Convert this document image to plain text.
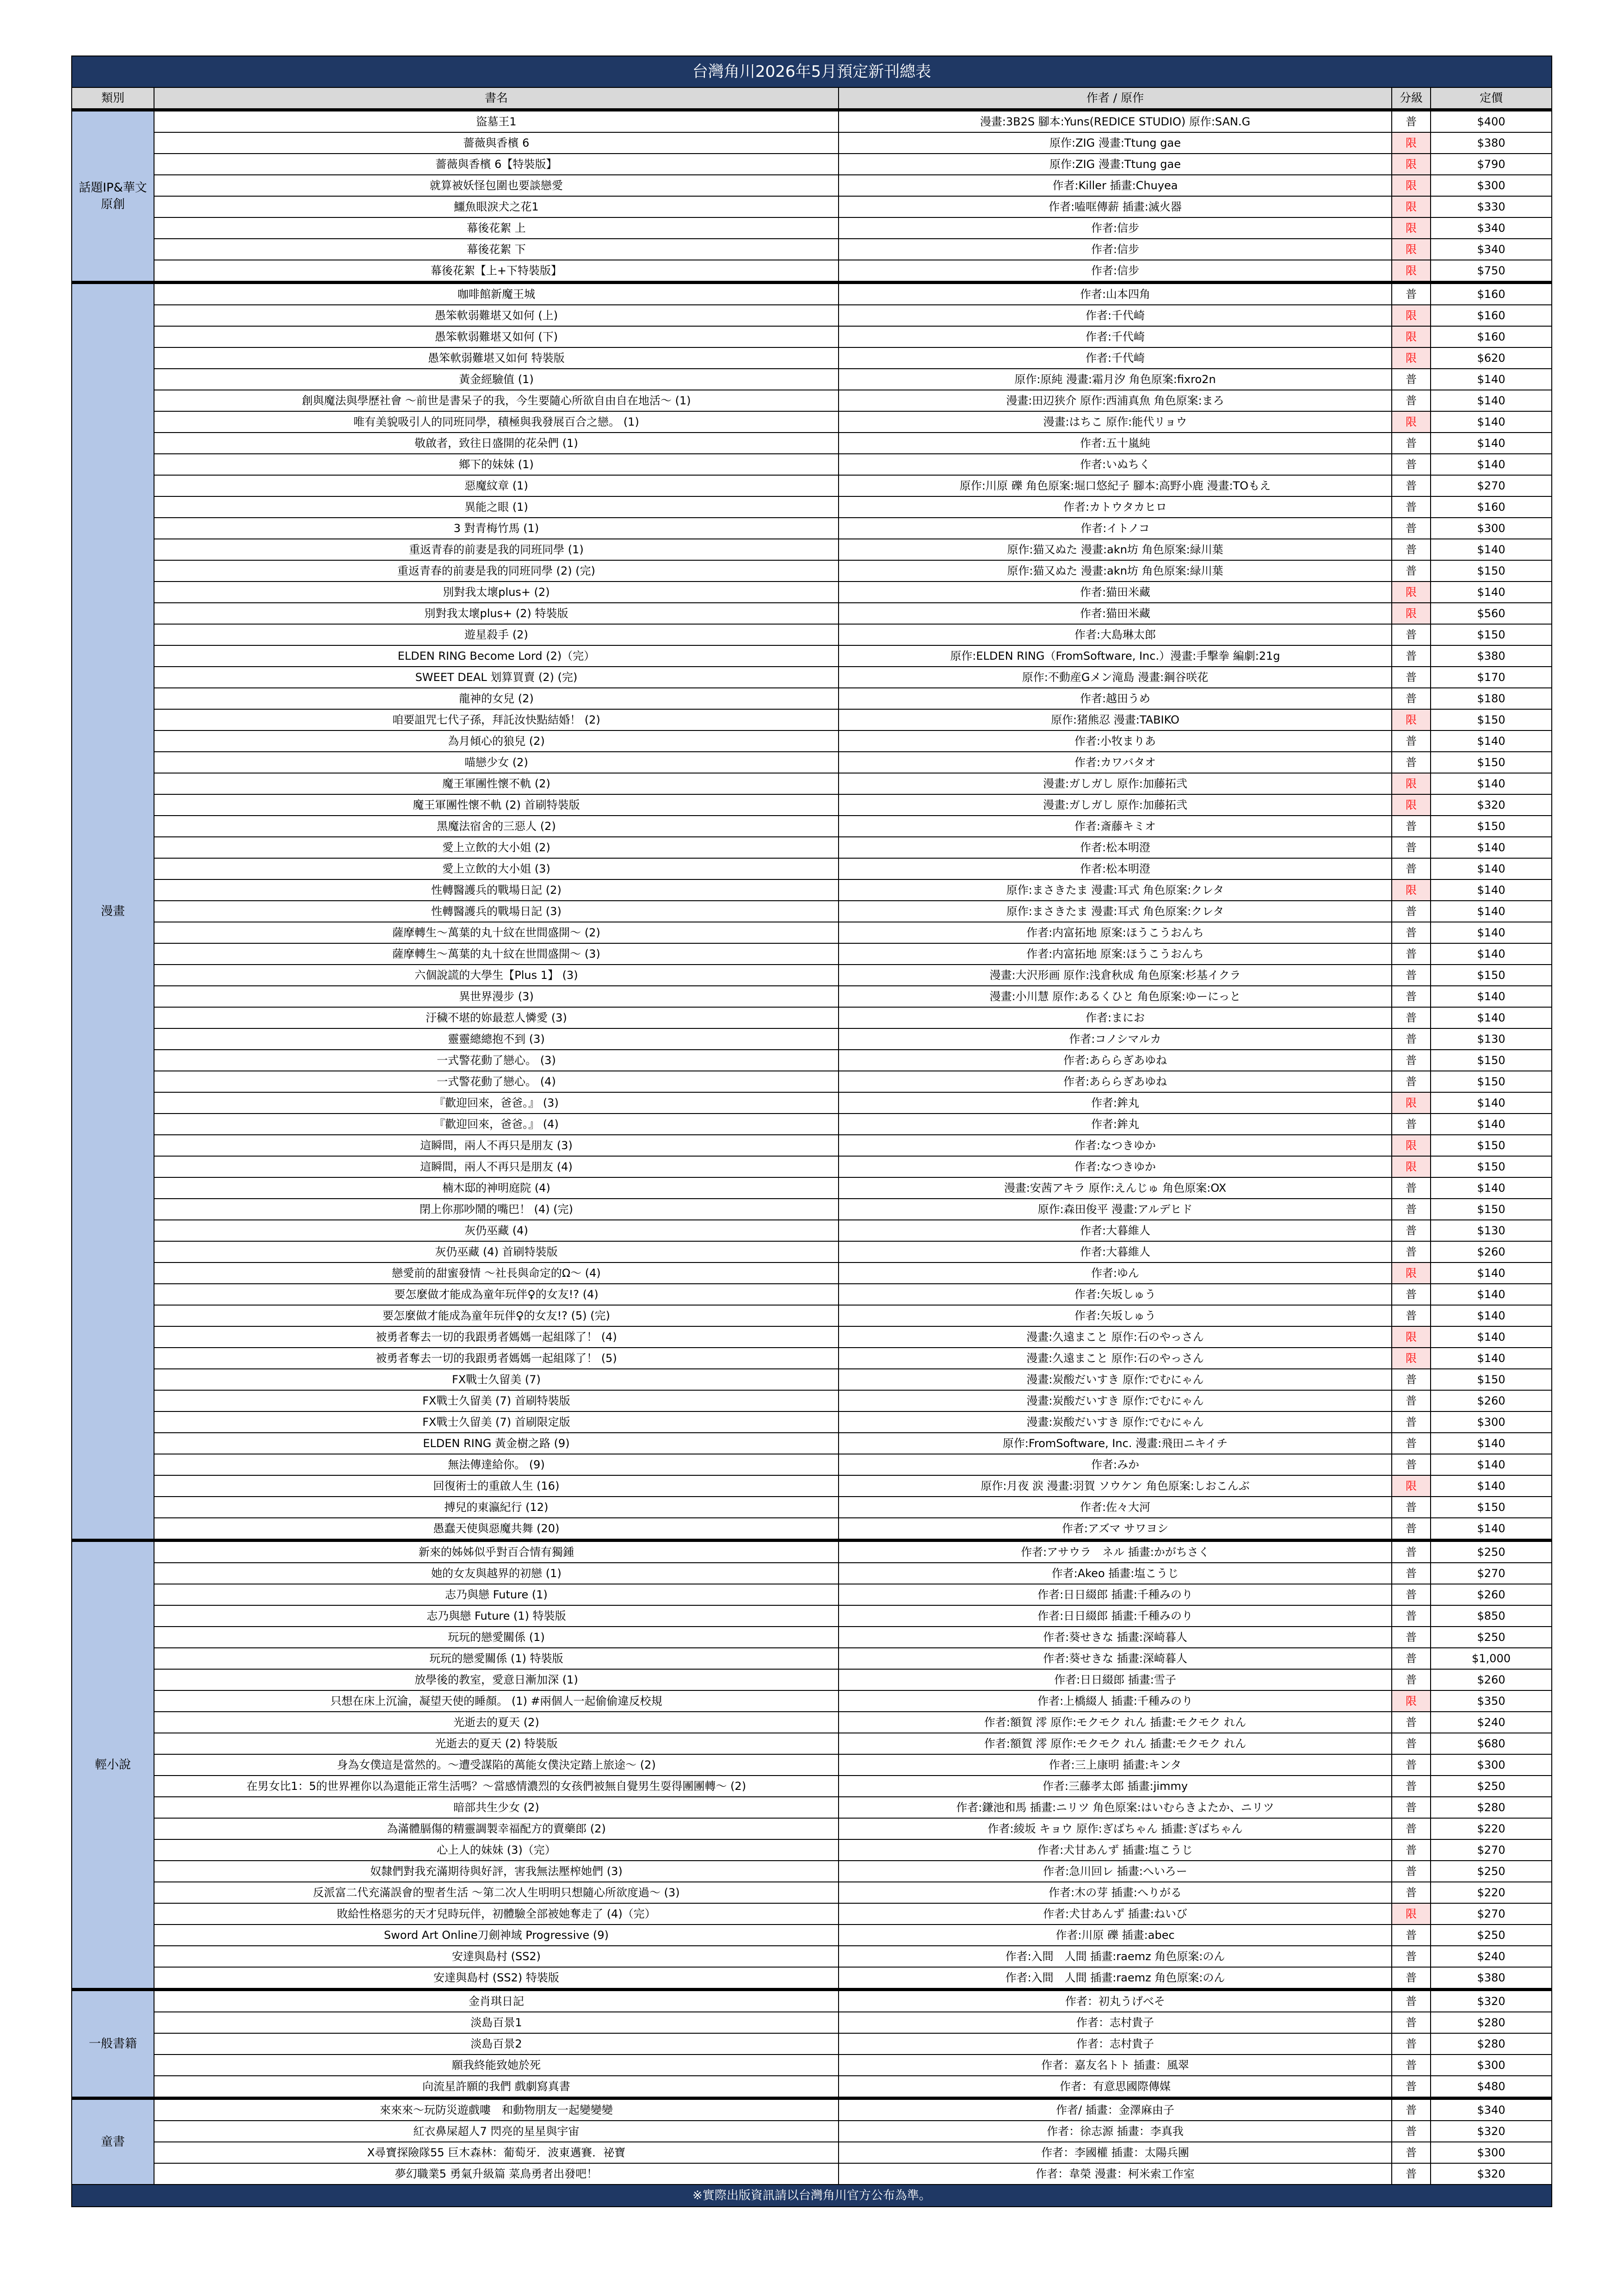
台灣角川2026年5月預定新刊總表				
類別	書名	作者 / 原作	分級	定價
話題IP&華文原創	盜墓王1	漫畫:3B2S 腳本:Yuns(REDICE STUDIO) 原作:SAN.G	普	$400
	薔薇與香檳 6	原作:ZIG 漫畫:Ttung gae	限	$380
	薔薇與香檳 6【特裝版】	原作:ZIG 漫畫:Ttung gae	限	$790
	就算被妖怪包圍也要談戀愛	作者:Killer 插畫:Chuyea	限	$300
	鱷魚眼淚犬之花1	作者:嗑哐傳薪 插畫:滅火器	限	$330
	幕後花絮 上	作者:信步	限	$340
	幕後花絮 下	作者:信步	限	$340
	幕後花絮【上+下特裝版】	作者:信步	限	$750
漫畫	咖啡館新魔王城	作者:山本四角	普	$160
	愚笨軟弱難堪又如何 (上)	作者:千代崎	限	$160
	愚笨軟弱難堪又如何 (下)	作者:千代崎	限	$160
	愚笨軟弱難堪又如何 特裝版	作者:千代崎	限	$620
	黃金經驗值 (1)	原作:原純 漫畫:霜月汐 角色原案:fixro2n	普	$140
	創與魔法與學歷社會 ～前世是書呆子的我，今生要隨心所欲自由自在地活～ (1)	漫畫:田辺狭介 原作:西浦真魚 角色原案:まろ	普	$140
	唯有美貌吸引人的同班同學，積極與我發展百合之戀。 (1)	漫畫:はちこ 原作:能代リョウ	限	$140
	敬啟者，致往日盛開的花朵們 (1)	作者:五十嵐純	普	$140
	鄉下的妹妹 (1)	作者:いぬちく	普	$140
	惡魔紋章 (1)	原作:川原 礫 角色原案:堀口悠紀子 腳本:高野小鹿 漫畫:TOもえ	普	$270
	異能之眼 (1)	作者:カトウタカヒロ	普	$160
	3 對青梅竹馬 (1)	作者:イトノコ	普	$300
	重返青春的前妻是我的同班同學 (1)	原作:猫又ぬた 漫畫:akn坊 角色原案:緑川葉	普	$140
	重返青春的前妻是我的同班同學 (2) (完)	原作:猫又ぬた 漫畫:akn坊 角色原案:緑川葉	普	$150
	別對我太壞plus+ (2)	作者:猫田米藏	限	$140
	別對我太壞plus+ (2) 特裝版	作者:猫田米藏	限	$560
	遊星殺手 (2)	作者:大島琳太郎	普	$150
	ELDEN RING Become Lord (2)（完）	原作:ELDEN RING（FromSoftware, Inc.）漫畫:手擊拳 編劇:21g	普	$380
	SWEET DEAL 划算買賣 (2) (完)	原作:不動産Gメン滝島 漫畫:鋼谷咲花	普	$170
	龍神的女兒 (2)	作者:越田うめ	普	$180
	咱要詛咒七代子孫，拜託汝快點結婚！ (2)	原作:猪熊忍 漫畫:TABIKO	限	$150
	為月傾心的狼兒 (2)	作者:小牧まりあ	普	$140
	喵戀少女 (2)	作者:カワバタオ	普	$150
	魔王軍團性懷不軌 (2)	漫畫:ガしガし 原作:加藤拓弐	限	$140
	魔王軍團性懷不軌 (2) 首刷特裝版	漫畫:ガしガし 原作:加藤拓弐	限	$320
	黑魔法宿舍的三惡人 (2)	作者:斎藤キミオ	普	$150
	愛上立飲的大小姐 (2)	作者:松本明澄	普	$140
	愛上立飲的大小姐 (3)	作者:松本明澄	普	$140
	性轉醫護兵的戰場日記 (2)	原作:まさきたま 漫畫:耳式 角色原案:クレタ	限	$140
	性轉醫護兵的戰場日記 (3)	原作:まさきたま 漫畫:耳式 角色原案:クレタ	普	$140
	薩摩轉生～萬葉的丸十紋在世間盛開～ (2)	作者:内富拓地 原案:ほうこうおんち	普	$140
	薩摩轉生～萬葉的丸十紋在世間盛開～ (3)	作者:内富拓地 原案:ほうこうおんち	普	$140
	六個說謊的大學生【Plus 1】 (3)	漫畫:大沢形画 原作:浅倉秋成 角色原案:杉基イクラ	普	$150
	異世界漫步 (3)	漫畫:小川慧 原作:あるくひと 角色原案:ゆーにっと	普	$140
	汙穢不堪的妳最惹人憐愛 (3)	作者:まにお	普	$140
	靈靈總總抱不到 (3)	作者:コノシマルカ	普	$130
	一式警花動了戀心。 (3)	作者:あららぎあゆね	普	$150
	一式警花動了戀心。 (4)	作者:あららぎあゆね	普	$150
	『歡迎回來，爸爸。』 (3)	作者:鉾丸	限	$140
	『歡迎回來，爸爸。』 (4)	作者:鉾丸	普	$140
	這瞬間，兩人不再只是朋友 (3)	作者:なつきゆか	限	$150
	這瞬間，兩人不再只是朋友 (4)	作者:なつきゆか	限	$150
	楠木邸的神明庭院 (4)	漫畫:安茜アキラ 原作:えんじゅ 角色原案:OX	普	$140
	閉上你那吵鬧的嘴巴！ (4) (完)	原作:森田俊平 漫畫:アルデヒド	普	$150
	灰仍巫藏 (4)	作者:大暮維人	普	$130
	灰仍巫藏 (4) 首刷特裝版	作者:大暮維人	普	$260
	戀愛前的甜蜜發情 ～社長與命定的Ω～ (4)	作者:ゆん	限	$140
	要怎麼做才能成為童年玩伴♀的女友!? (4)	作者:矢坂しゅう	普	$140
	要怎麼做才能成為童年玩伴♀的女友!? (5) (完)	作者:矢坂しゅう	普	$140
	被勇者奪去一切的我跟勇者媽媽一起組隊了！ (4)	漫畫:久遠まこと 原作:石のやっさん	限	$140
	被勇者奪去一切的我跟勇者媽媽一起組隊了！ (5)	漫畫:久遠まこと 原作:石のやっさん	限	$140
	FX戰士久留美 (7)	漫畫:炭酸だいすき 原作:でむにゃん	普	$150
	FX戰士久留美 (7) 首刷特裝版	漫畫:炭酸だいすき 原作:でむにゃん	普	$260
	FX戰士久留美 (7) 首刷限定版	漫畫:炭酸だいすき 原作:でむにゃん	普	$300
	ELDEN RING 黃金樹之路 (9)	原作:FromSoftware, Inc. 漫畫:飛田ニキイチ	普	$140
	無法傳達給你。 (9)	作者:みか	普	$140
	回復術士的重啟人生 (16)	原作:月夜 涙 漫畫:羽賀 ソウケン 角色原案:しおこんぶ	限	$140
	搏兒的東瀛紀行 (12)	作者:佐々大河	普	$150
	愚蠢天使與惡魔共舞 (20)	作者:アズマ サワヨシ	普	$140
輕小說	新來的姊姊似乎對百合情有獨鍾	作者:アサウラ　ネル 插畫:かがちさく	普	$250
	她的女友與越界的初戀 (1)	作者:Akeo 插畫:塩こうじ	普	$270
	志乃與戀 Future (1)	作者:日日綴郎 插畫:千種みのり	普	$260
	志乃與戀 Future (1) 特裝版	作者:日日綴郎 插畫:千種みのり	普	$850
	玩玩的戀愛關係 (1)	作者:葵せきな 插畫:深崎暮人	普	$250
	玩玩的戀愛關係 (1) 特裝版	作者:葵せきな 插畫:深崎暮人	普	$1,000
	放學後的教室，愛意日漸加深 (1)	作者:日日綴郎 插畫:雪子	普	$260
	只想在床上沉淪，凝望天使的睡顏。 (1) #兩個人一起偷偷違反校規	作者:上橋綴人 插畫:千種みのり	限	$350
	光逝去的夏天 (2)	作者:額賀 澪 原作:モクモク れん 插畫:モクモク れん	普	$240
	光逝去的夏天 (2) 特裝版	作者:額賀 澪 原作:モクモク れん 插畫:モクモク れん	普	$680
	身為女僕這是當然的。～遭受謀陷的萬能女僕決定踏上旅途～ (2)	作者:三上康明 插畫:キンタ	普	$300
	在男女比1：5的世界裡你以為還能正常生活嗎？～當感情濃烈的女孩們被無自覺男生耍得團團轉～ (2)	作者:三藤孝太郎 插畫:jimmy	普	$250
	暗部共生少女 (2)	作者:鎌池和馬 插畫:ニリツ 角色原案:はいむらきよたか、ニリツ	普	$280
	為滿體膈傷的精靈調製幸福配方的賣藥郎 (2)	作者:綾坂 キョウ 原作:ぎばちゃん 插畫:ぎばちゃん	普	$220
	心上人的妹妹 (3)（完）	作者:犬甘あんず 插畫:塩こうじ	普	$270
	奴隸們對我充滿期待與好評，害我無法壓榨她們 (3)	作者:急川回レ 插畫:へいろー	普	$250
	反派富二代充滿誤會的聖者生活 ～第二次人生明明只想隨心所欲度過～ (3)	作者:木の芽 插畫:へりがる	普	$220
	敗給性格惡劣的天才兒時玩伴，初體驗全部被她奪走了 (4)（完）	作者:犬甘あんず 插畫:ねいび	限	$270
	Sword Art Online刀劍神域 Progressive (9)	作者:川原 礫 插畫:abec	普	$250
	安達與島村 (SS2)	作者:入間　人間 插畫:raemz 角色原案:のん	普	$240
	安達與島村 (SS2) 特裝版	作者:入間　人間 插畫:raemz 角色原案:のん	普	$380
一般書籍	金肖琪日記	作者：初丸うげべそ	普	$320
	淡島百景1	作者：志村貴子	普	$280
	淡島百景2	作者：志村貴子	普	$280
	願我終能致她於死	作者：嘉友名トト 插畫：風翠	普	$300
	向流星許願的我們 戲劇寫真書	作者：有意思國際傳媒	普	$480
童書	來來來～玩防災遊戲嘍　和動物朋友一起變變變	作者/ 插畫：金澤麻由子	普	$340
	紅衣鼻屎超人7 閃亮的星星與宇宙	作者：徐志源 插畫：李真我	普	$320
	X尋寶探險隊55 巨木森林：葡萄牙．波東邁賽．祕寶	作者：李國權 插畫：太陽兵團	普	$300
	夢幻職業5 勇氣升級篇 菜鳥勇者出發吧！	作者：韋榮 漫畫：柯米索工作室	普	$320
※實際出版資訊請以台灣角川官方公布為準。				
